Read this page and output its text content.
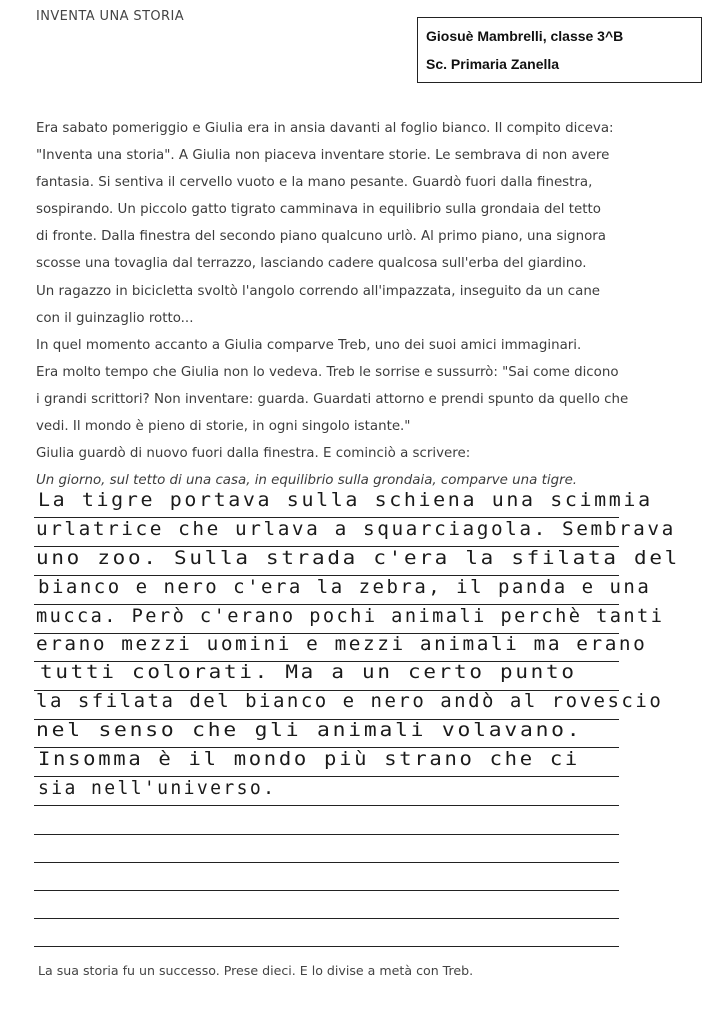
INVENTA UNA STORIA
Giosuè Mambrelli, classe 3^B
Sc. Primaria Zanella

Era sabato pomeriggio e Giulia era in ansia davanti al foglio bianco. Il compito diceva:

"Inventa una storia". A Giulia non piaceva inventare storie. Le sembrava di non avere

fantasia. Si sentiva il cervello vuoto e la mano pesante. Guardò fuori dalla finestra,

sospirando. Un piccolo gatto tigrato camminava in equilibrio sulla grondaia del tetto

di fronte. Dalla finestra del secondo piano qualcuno urlò. Al primo piano, una signora

scosse una tovaglia dal terrazzo, lasciando cadere qualcosa sull'erba del giardino.

Un ragazzo in bicicletta svoltò l'angolo correndo all'impazzata, inseguito da un cane

con il guinzaglio rotto...

In quel momento accanto a Giulia comparve Treb, uno dei suoi amici immaginari.

Era molto tempo che Giulia non lo vedeva. Treb le sorrise e sussurrò: "Sai come dicono

i grandi scrittori? Non inventare: guarda. Guardati attorno e prendi spunto da quello che

vedi. Il mondo è pieno di storie, in ogni singolo istante."

Giulia guardò di nuovo fuori dalla finestra. E cominciò a scrivere:

Un giorno, sul tetto di una casa, in equilibrio sulla grondaia, comparve una tigre.

La tigre portava sulla schiena una scimmia
urlatrice che urlava a squarciagola. Sembrava
uno zoo. Sulla strada c'era la sfilata del
bianco e nero c'era la zebra, il panda e una
mucca. Però c'erano pochi animali perchè tanti
erano mezzi uomini e mezzi animali ma erano
tutti colorati. Ma a un certo punto
la sfilata del bianco e nero andò al rovescio
nel senso che gli animali volavano.
Insomma è il mondo più strano che ci
sia nell'universo.
La sua storia fu un successo. Prese dieci. E lo divise a metà con Treb.
